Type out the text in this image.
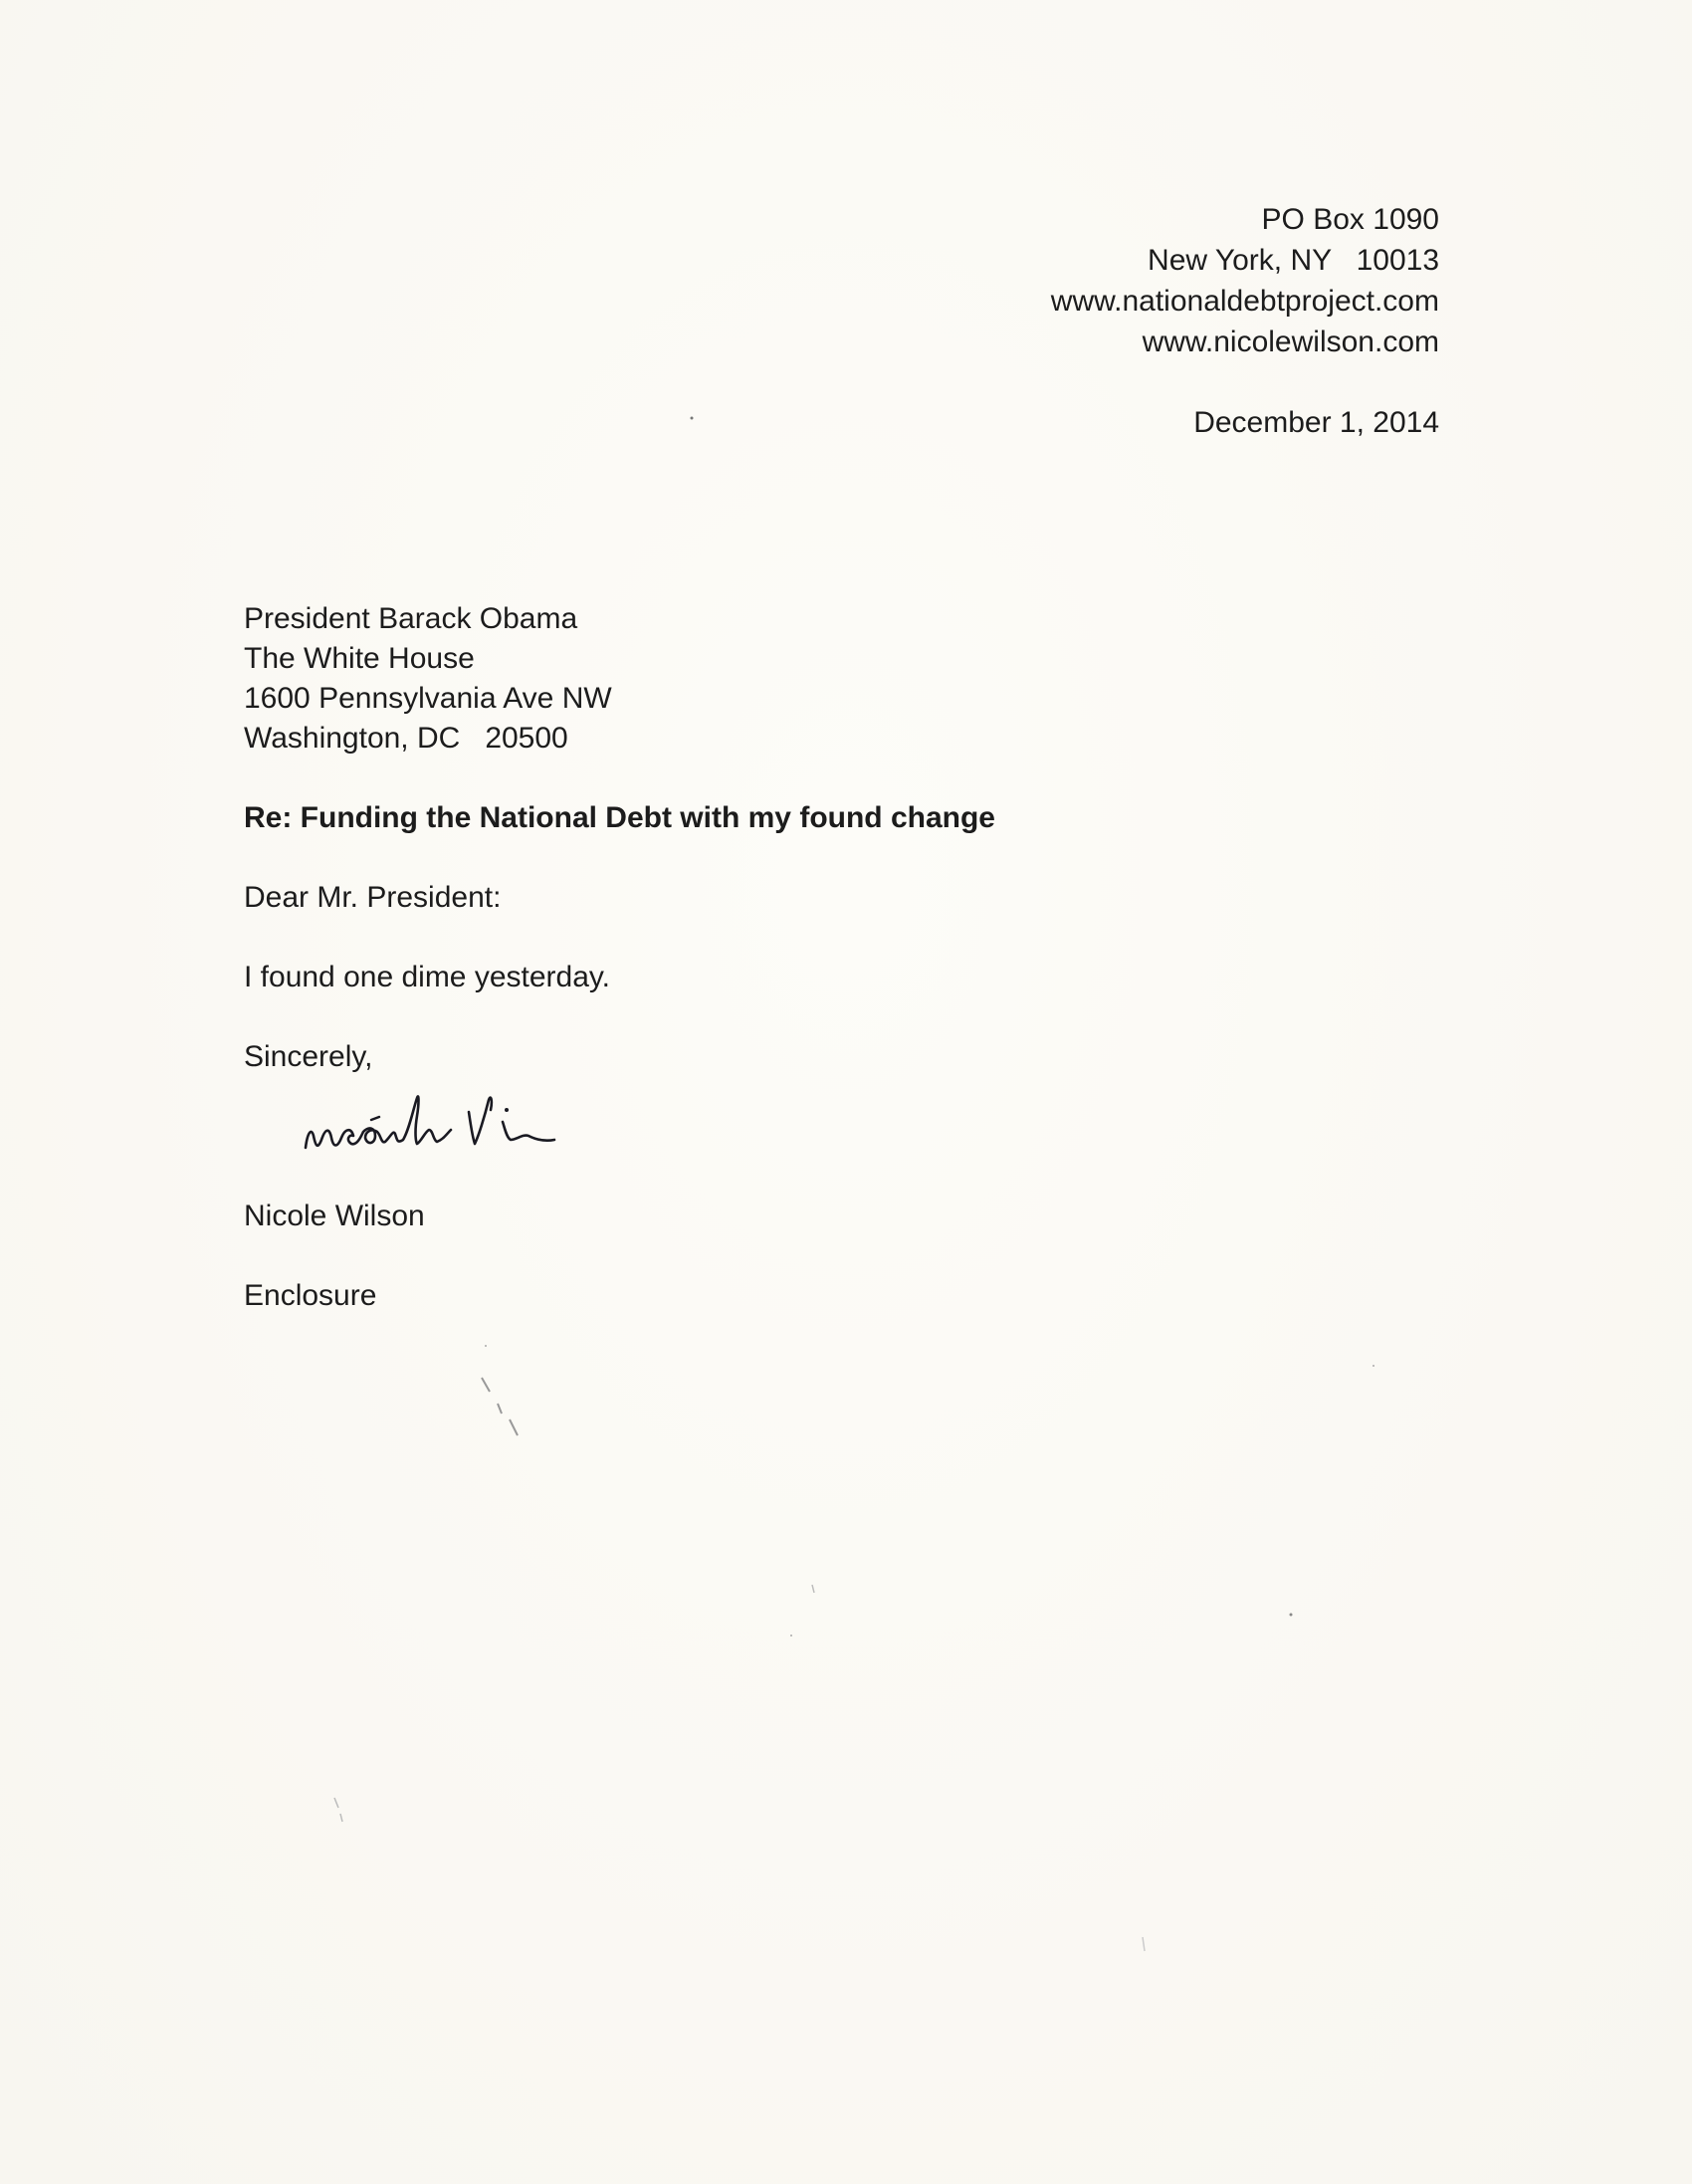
PO Box 1090
New York, NY   10013
www.nationaldebtproject.com
www.nicolewilson.com
December 1, 2014
President Barack Obama
The White House
1600 Pennsylvania Ave NW
Washington, DC   20500
Re: Funding the National Debt with my found change
Dear Mr. President:
I found one dime yesterday.
Sincerely,
Nicole Wilson
Enclosure
